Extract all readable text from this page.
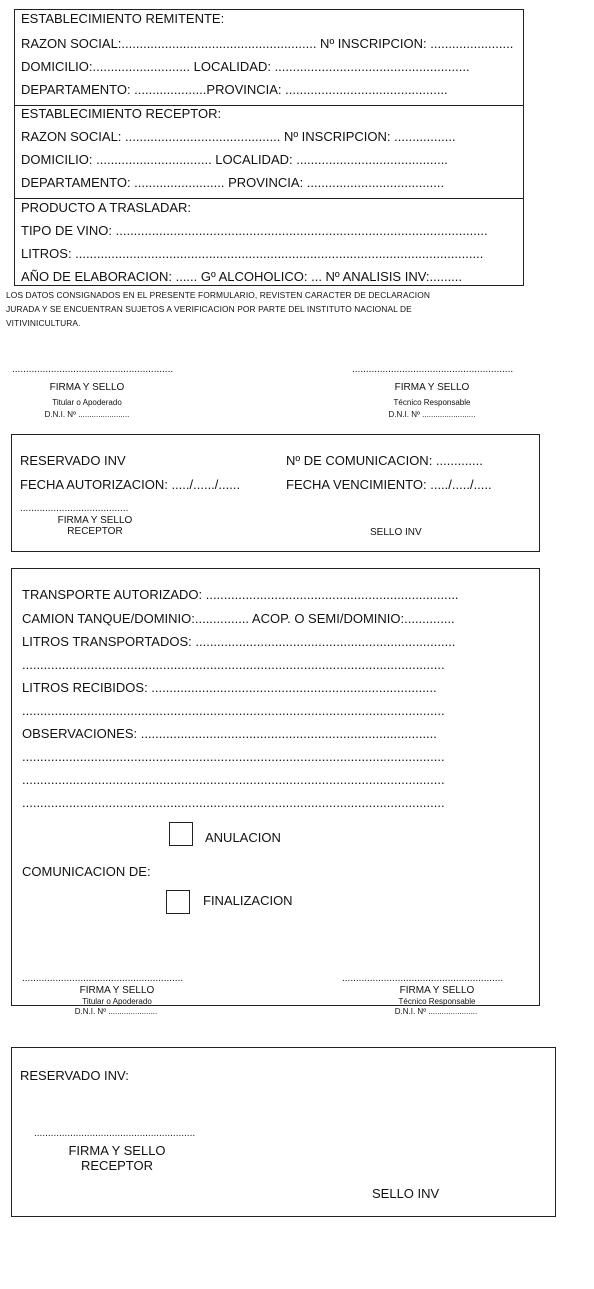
ESTABLECIMIENTO REMITENTE:
RAZON SOCIAL:...................................................... Nº INSCRIPCION: .......................
DOMICILIO:........................... LOCALIDAD: ......................................................
DEPARTAMENTO: ....................PROVINCIA: .............................................
ESTABLECIMIENTO RECEPTOR:
RAZON SOCIAL: ........................................... Nº INSCRIPCION: .................
DOMICILIO: ................................ LOCALIDAD: ..........................................
DEPARTAMENTO: ......................... PROVINCIA: ......................................
PRODUCTO A TRASLADAR:
TIPO DE VINO: .......................................................................................................
LITROS: .................................................................................................................
AÑO DE ELABORACION: ...... Gº ALCOHOLICO: ... Nº ANALISIS INV:.........
LOS DATOS CONSIGNADOS EN EL PRESENTE FORMULARIO, REVISTEN CARACTER DE DECLARACION
JURADA Y SE ENCUENTRAN SUJETOS A VERIFICACION POR PARTE DEL INSTITUTO NACIONAL DE
VITIVINICULTURA.
..........................................................
FIRMA Y SELLO
Titular o Apoderado
D.N.I. Nº .......................
..........................................................
FIRMA Y SELLO
Técnico Responsable
D.N.I. Nº ........................
RESERVADO INV	Nº DE COMUNICACION: .............
FECHA AUTORIZACION: ...../....../......	FECHA VENCIMIENTO: ...../...../.....
.......................................
FIRMA Y SELLO
RECEPTOR	SELLO INV
TRANSPORTE AUTORIZADO: ......................................................................
CAMION TANQUE/DOMINIO:............... ACOP. O SEMI/DOMINIO:..............
LITROS TRANSPORTADOS: ........................................................................
.....................................................................................................................
LITROS RECIBIDOS: ...............................................................................
.....................................................................................................................
OBSERVACIONES: ..................................................................................
.....................................................................................................................
.....................................................................................................................
.....................................................................................................................
ANULACION
COMUNICACION DE:
FINALIZACION
..........................................................
FIRMA Y SELLO
Titular o Apoderado
..........................................................
FIRMA Y SELLO
Técnico Responsable
D.N.I. Nº ......................	D.N.I. Nº ......................
RESERVADO INV:
..........................................................
FIRMA Y SELLO
RECEPTOR
SELLO INV
